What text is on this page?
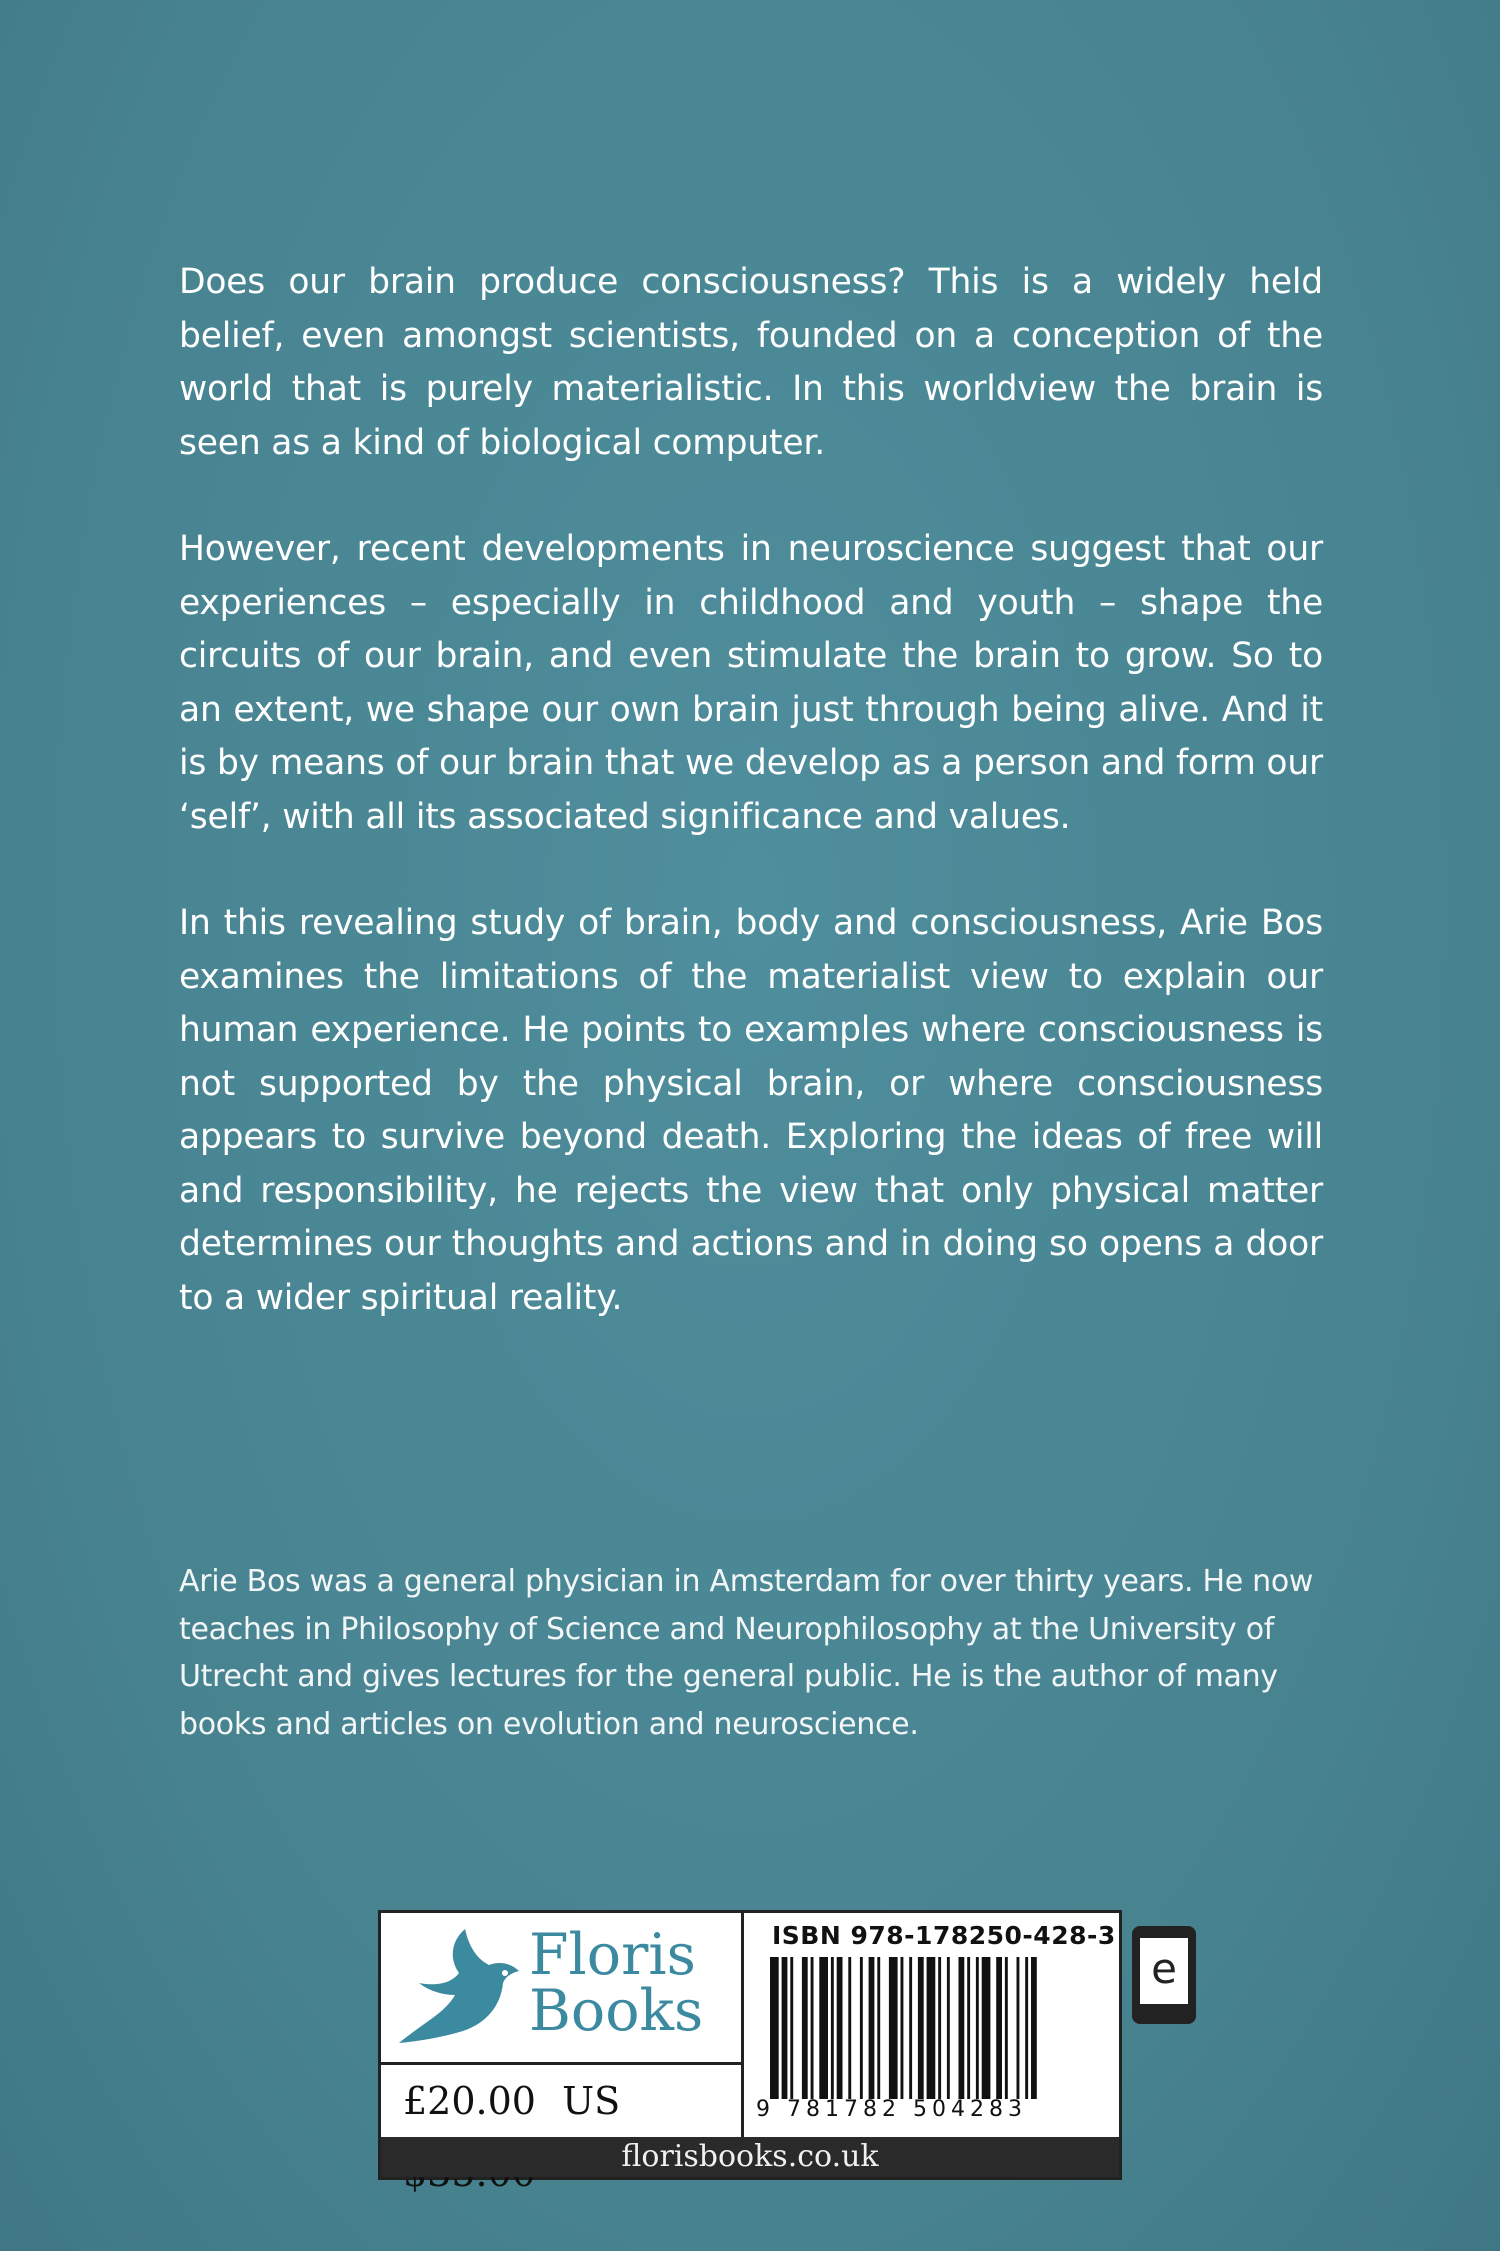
Does our brain produce consciousness? This is a widely held belief, even amongst scientists, founded on a conception of the world that is purely materialistic. In this worldview the brain is seen as a kind of biological computer.

However, recent developments in neuroscience suggest that our experiences – especially in childhood and youth – shape the circuits of our brain, and even stimulate the brain to grow. So to an extent, we shape our own brain just through being alive. And it is by means of our brain that we develop as a person and form our ‘self’, with all its associated significance and values.

In this revealing study of brain, body and consciousness, Arie Bos examines the limitations of the materialist view to explain our human experience. He points to examples where consciousness is not supported by the physical brain, or where consciousness appears to survive beyond death. Exploring the ideas of free will and responsibility, he rejects the view that only physical matter determines our thoughts and actions and in doing so opens a door to a wider spiritual reality.

Arie Bos was a general physician in Amsterdam for over thirty years. He now teaches in Philosophy of Science and Neurophilosophy at the University of Utrecht and gives lectures for the general public. He is the author of many books and articles on evolution and neuroscience.

Floris
Books
£20.00 US
ISBN 978-178250-428-3
9 781782 504283
florisbooks.co.uk
e
